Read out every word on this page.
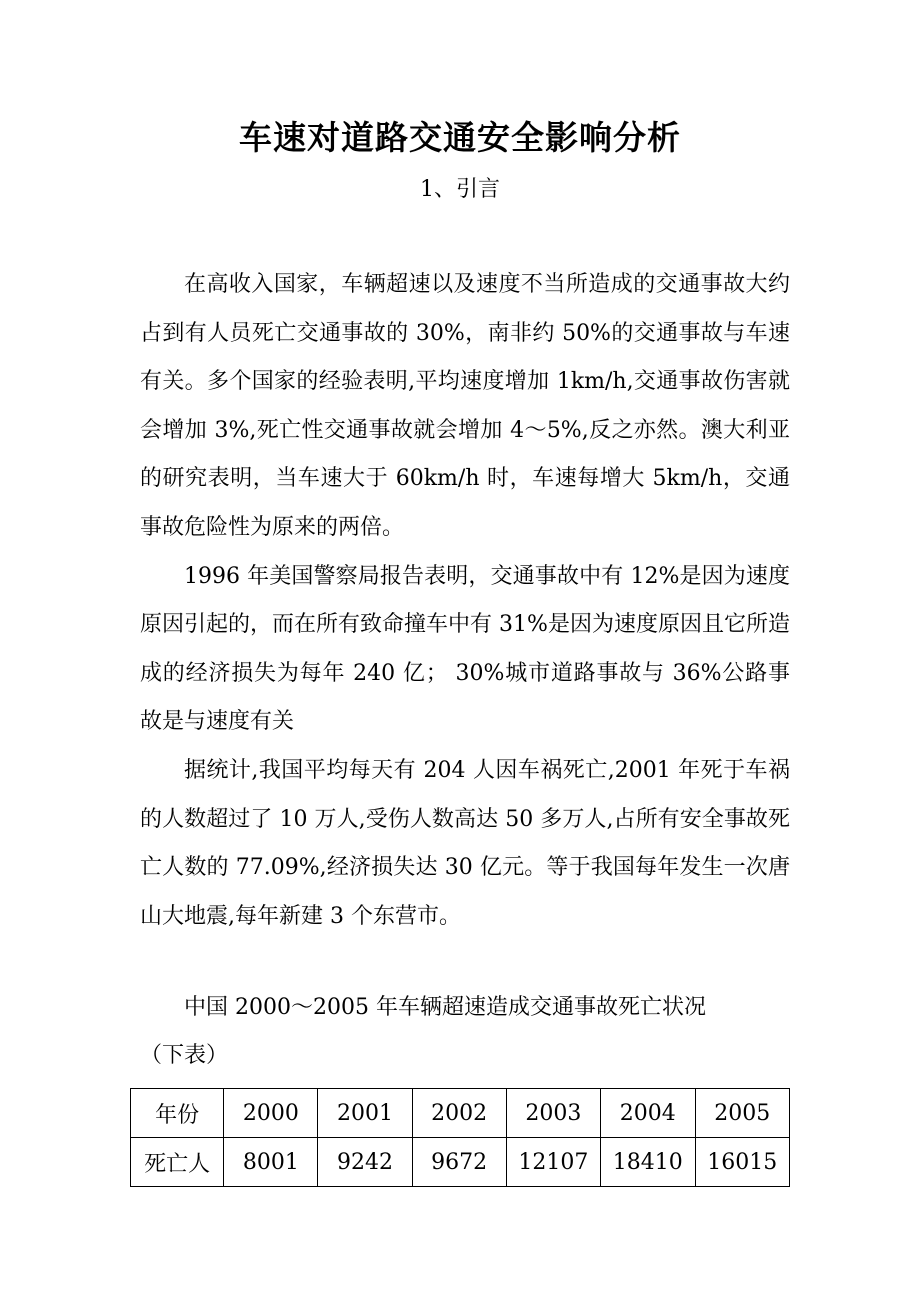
车速对道路交通安全影响分析
1、引言

在高收入国家，车辆超速以及速度不当所造成的交通事故大约占到有人员死亡交通事故的 30%，南非约 50%的交通事故与车速有关。多个国家的经验表明,平均速度增加 1km/h,交通事故伤害就会增加 3%,死亡性交通事故就会增加 4～5%,反之亦然。澳大利亚的研究表明，当车速大于 60km/h 时，车速每增大 5km/h，交通事故危险性为原来的两倍。

1996 年美国警察局报告表明，交通事故中有 12%是因为速度原因引起的，而在所有致命撞车中有 31%是因为速度原因且它所造成的经济损失为每年 240 亿； 30%城市道路事故与 36%公路事故是与速度有关

据统计,我国平均每天有 204 人因车祸死亡,2001 年死于车祸的人数超过了 10 万人,受伤人数高达 50 多万人,占所有安全事故死亡人数的 77.09%,经济损失达 30 亿元。等于我国每年发生一次唐山大地震,每年新建 3 个东营市。

中国 2000～2005 年车辆超速造成交通事故死亡状况

（下表）

年份	2000	2001	2002	2003	2004	2005
死亡人	8001	9242	9672	12107	18410	16015
